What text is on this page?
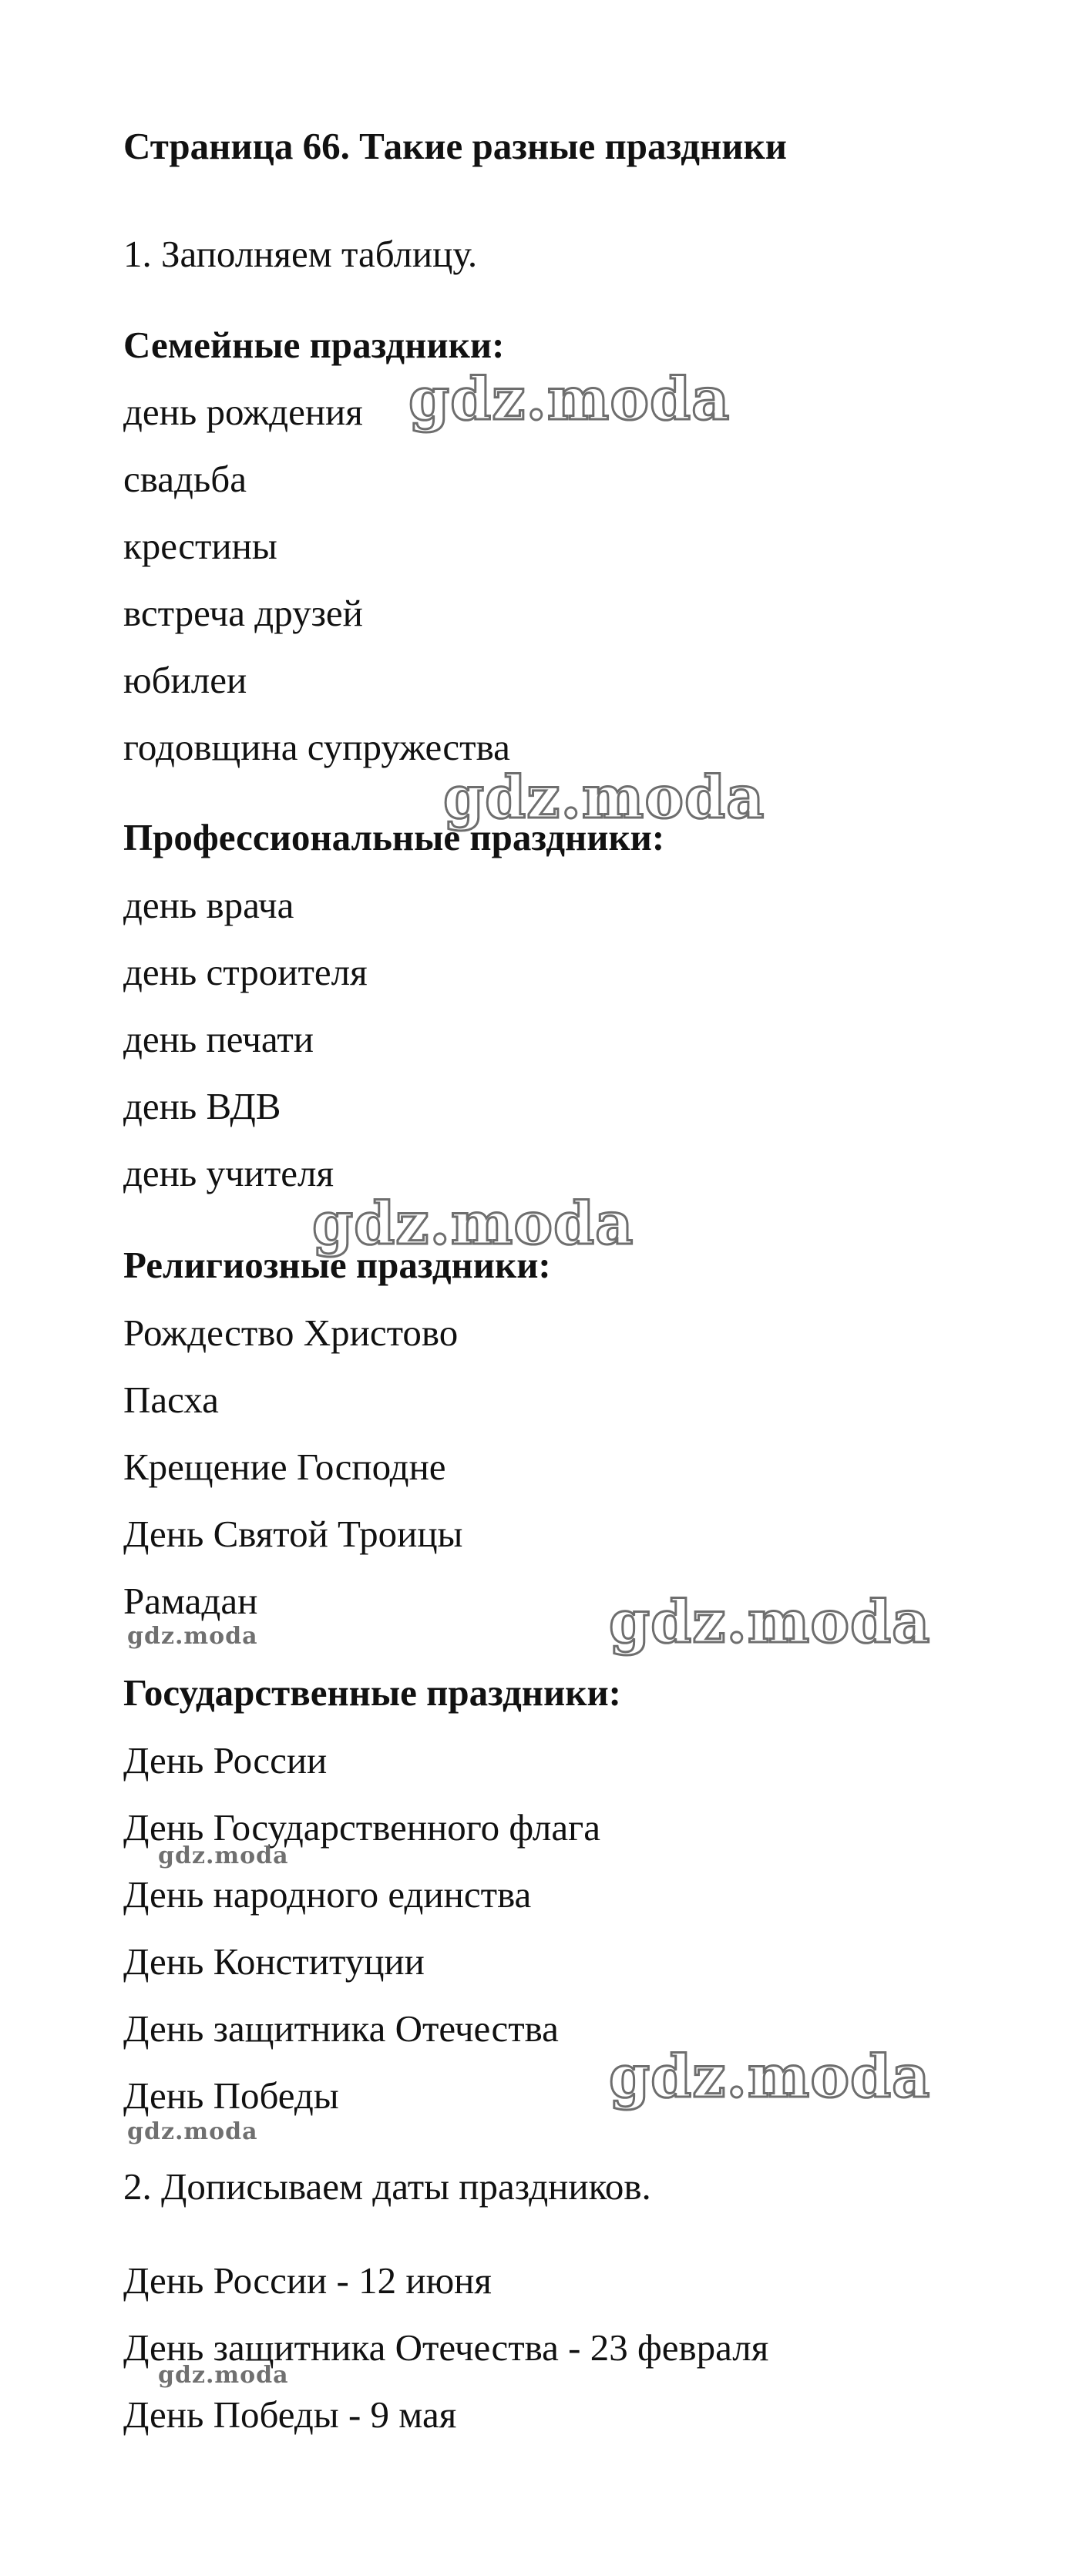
Страница 66. Такие разные праздники
1. Заполняем таблицу.
Семейные праздники:
день рождения
свадьба
крестины
встреча друзей
юбилеи
годовщина супружества
Профессиональные праздники:
день врача
день строителя
день печати
день ВДВ
день учителя
Религиозные праздники:
Рождество Христово
Пасха
Крещение Господне
День Святой Троицы
Рамадан
Государственные праздники:
День России
День Государственного флага
День народного единства
День Конституции
День защитника Отечества
День Победы
2. Дописываем даты праздников.
День России - 12 июня
День защитника Отечества - 23 февраля
День Победы - 9 мая
gdz.moda
gdz.moda
gdz.moda
gdz.moda
gdz.moda
gdz.moda
gdz.moda
gdz.moda
gdz.moda
